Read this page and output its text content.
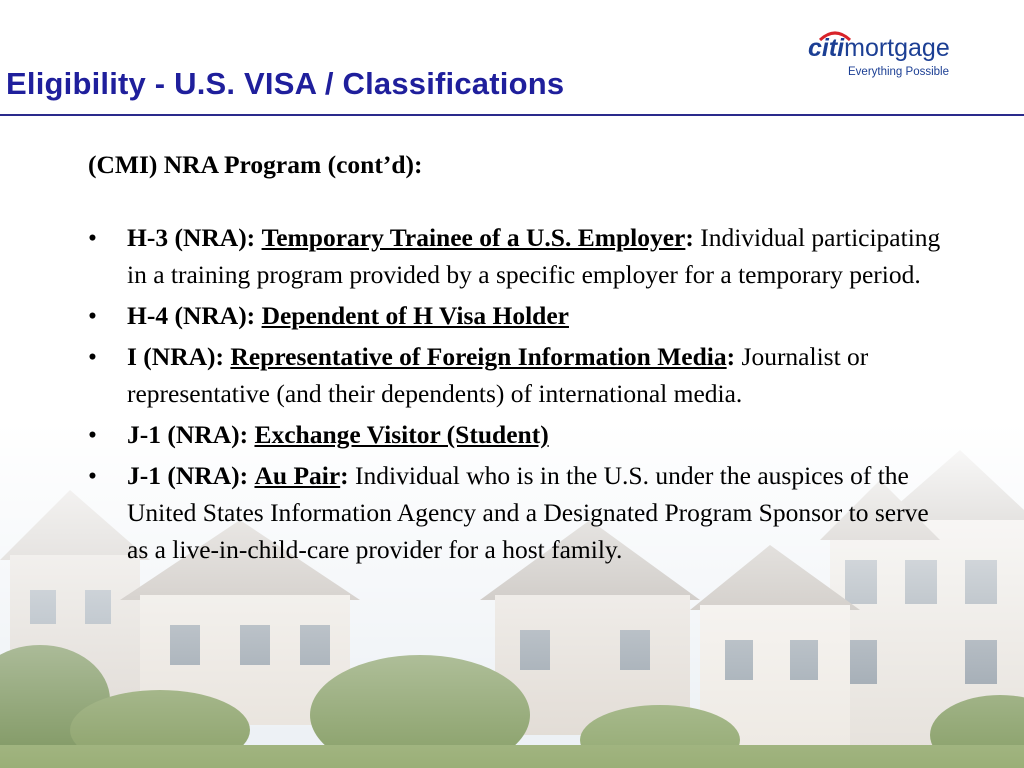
Eligibility - U.S. VISA / Classifications
citimortgage
Everything Possible
(CMI) NRA Program (cont’d):
• H-3 (NRA): Temporary Trainee of a U.S. Employer: Individual participating in a training program provided by a specific employer for a temporary period.
• H-4 (NRA): Dependent of H Visa Holder
• I (NRA): Representative of Foreign Information Media: Journalist or representative (and their dependents) of international media.
• J-1 (NRA): Exchange Visitor (Student)
• J-1 (NRA): Au Pair: Individual who is in the U.S. under the auspices of the United States Information Agency and a Designated Program Sponsor to serve as a live-in-child-care provider for a host family.
